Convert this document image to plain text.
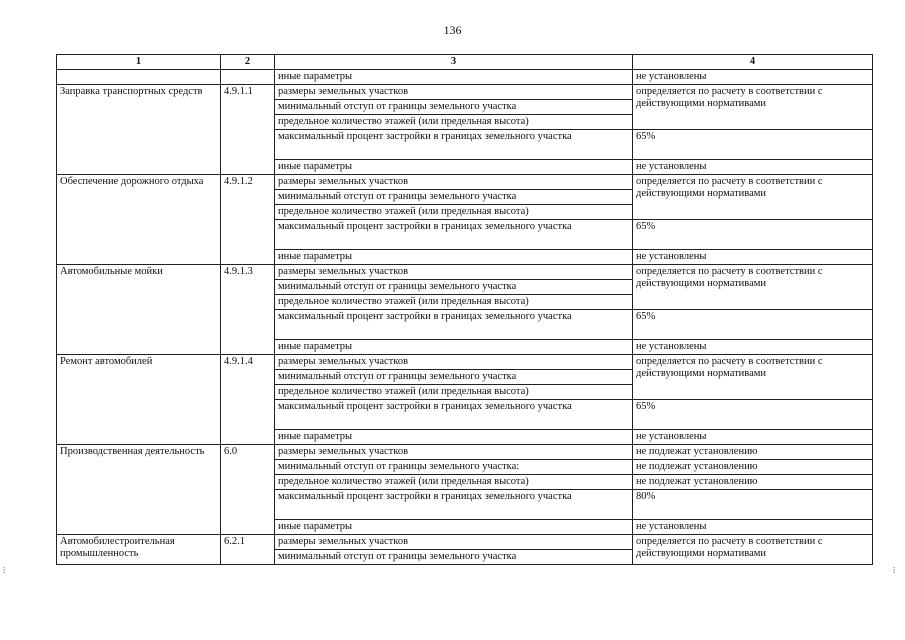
136
⁞	⁞
1	2	3	4
		иные параметры	не установлены
Заправка транспортных средств	4.9.1.1	размеры земельных участков	определяется по расчету в соответствии с действующими нормативами
		минимальный отступ от границы земельного участка	
		предельное количество этажей (или предельная высота)	
		максимальный процент застройки в границах земельного участка	65%
		иные параметры	не установлены
Обеспечение дорожного отдыха	4.9.1.2	размеры земельных участков	определяется по расчету в соответствии с действующими нормативами
		минимальный отступ от границы земельного участка	
		предельное количество этажей (или предельная высота)	
		максимальный процент застройки в границах земельного участка	65%
		иные параметры	не установлены
Автомобильные мойки	4.9.1.3	размеры земельных участков	определяется по расчету в соответствии с действующими нормативами
		минимальный отступ от границы земельного участка	
		предельное количество этажей (или предельная высота)	
		максимальный процент застройки в границах земельного участка	65%
		иные параметры	не установлены
Ремонт автомобилей	4.9.1.4	размеры земельных участков	определяется по расчету в соответствии с действующими нормативами
		минимальный отступ от границы земельного участка	
		предельное количество этажей (или предельная высота)	
		максимальный процент застройки в границах земельного участка	65%
		иные параметры	не установлены
Производственная деятельность	6.0	размеры земельных участков	не подлежат установлению
		минимальный отступ от границы земельного участка:	не подлежат установлению
		предельное количество этажей (или предельная высота)	не подлежат установлению
		максимальный процент застройки в границах земельного участка	80%
		иные параметры	не установлены
Автомобилестроительная промышленность	6.2.1	размеры земельных участков	определяется по расчету в соответствии с действующими нормативами
		минимальный отступ от границы земельного участка	
